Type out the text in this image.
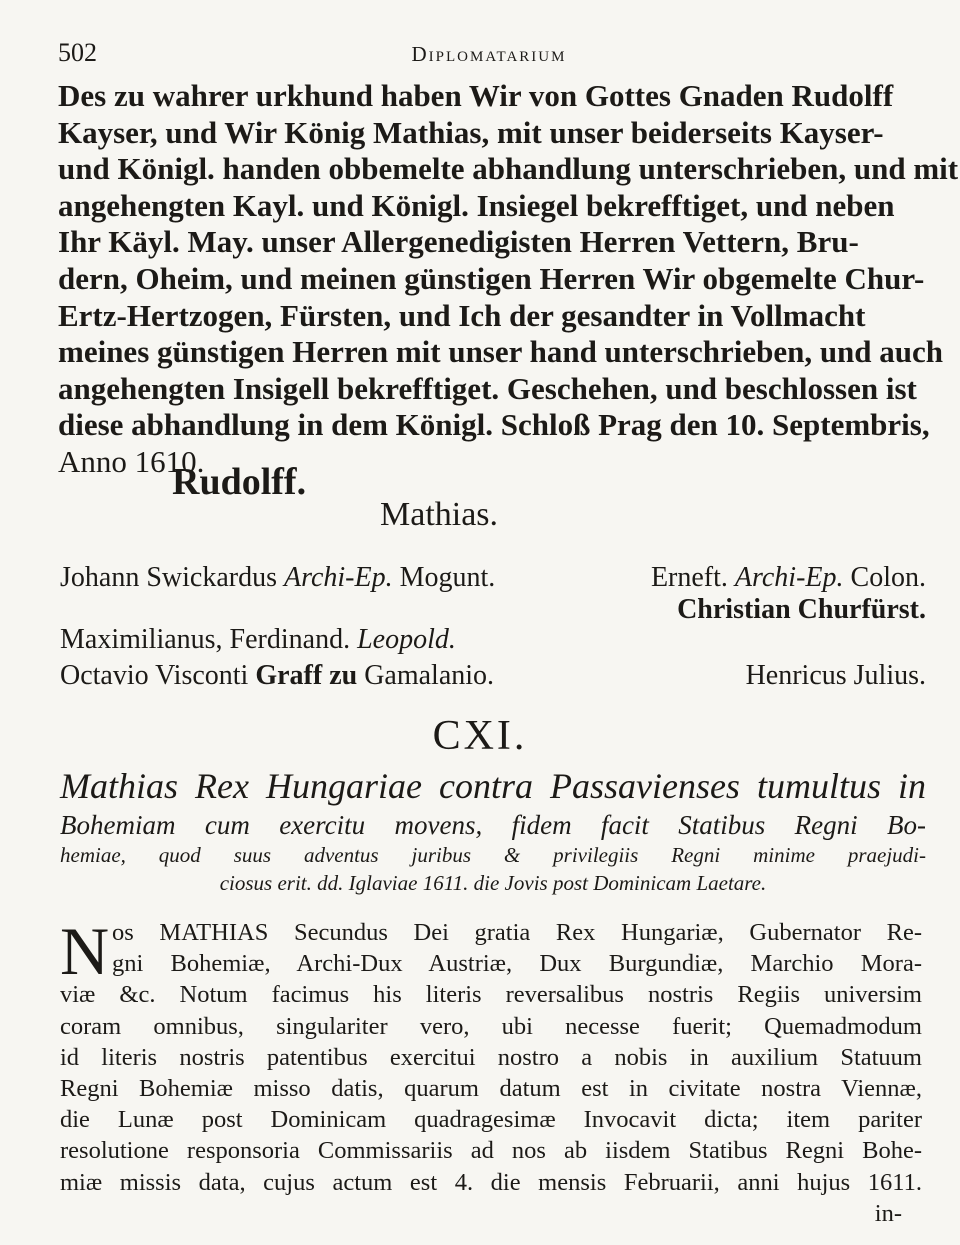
502	Diplomatarium
Des zu wahrer urkhund haben Wir von Gottes Gnaden Rudolff
Kayser, und Wir König Mathias, mit unser beiderseits Kayser-
und Königl. handen obbemelte abhandlung unterschrieben, und mit
angehengten Kayl. und Königl. Insiegel bekrefftiget, und neben
Ihr Käyl. May. unser Allergenedigisten Herren Vettern, Bru-
dern, Oheim, und meinen günstigen Herren Wir obgemelte Chur-
Ertz-Hertzogen, Fürsten, und Ich der gesandter in Vollmacht
meines günstigen Herren mit unser hand unterschrieben, und auch
angehengten Insigell bekrefftiget. Geschehen, und beschlossen ist
diese abhandlung in dem Königl. Schloß Prag den 10. Septembris,
Anno 1610.
Rudolff.
Mathias.
Johann Swickardus Archi-Ep. Mogunt.	Erneft. Archi-Ep. Colon.
Christian Churfürst.
Maximilianus, Ferdinand. Leopold.
Octavio Visconti Graff zu Gamalanio.	Henricus Julius.
CXI.
Mathias Rex Hungariae contra Passavienses tumultus in
Bohemiam cum exercitu movens, fidem facit Statibus Regni Bo-
hemiae, quod suus adventus juribus & privilegiis Regni minime praejudi-
ciosus erit. dd. Iglaviae 1611. die Jovis post Dominicam Laetare.
N os MATHIAS Secundus Dei gratia Rex Hungariæ, Gubernator Re-
gni Bohemiæ, Archi-Dux Austriæ, Dux Burgundiæ, Marchio Mora-
viæ &c. Notum facimus his literis reversalibus nostris Regiis universim
coram omnibus, singulariter vero, ubi necesse fuerit; Quemadmodum
id literis nostris patentibus exercitui nostro a nobis in auxilium Statuum
Regni Bohemiæ misso datis, quarum datum est in civitate nostra Viennæ,
die Lunæ post Dominicam quadragesimæ Invocavit dicta; item pariter
resolutione responsoria Commissariis ad nos ab iisdem Statibus Regni Bohe-
miæ missis data, cujus actum est 4. die mensis Februarii, anni hujus 1611.
in-
